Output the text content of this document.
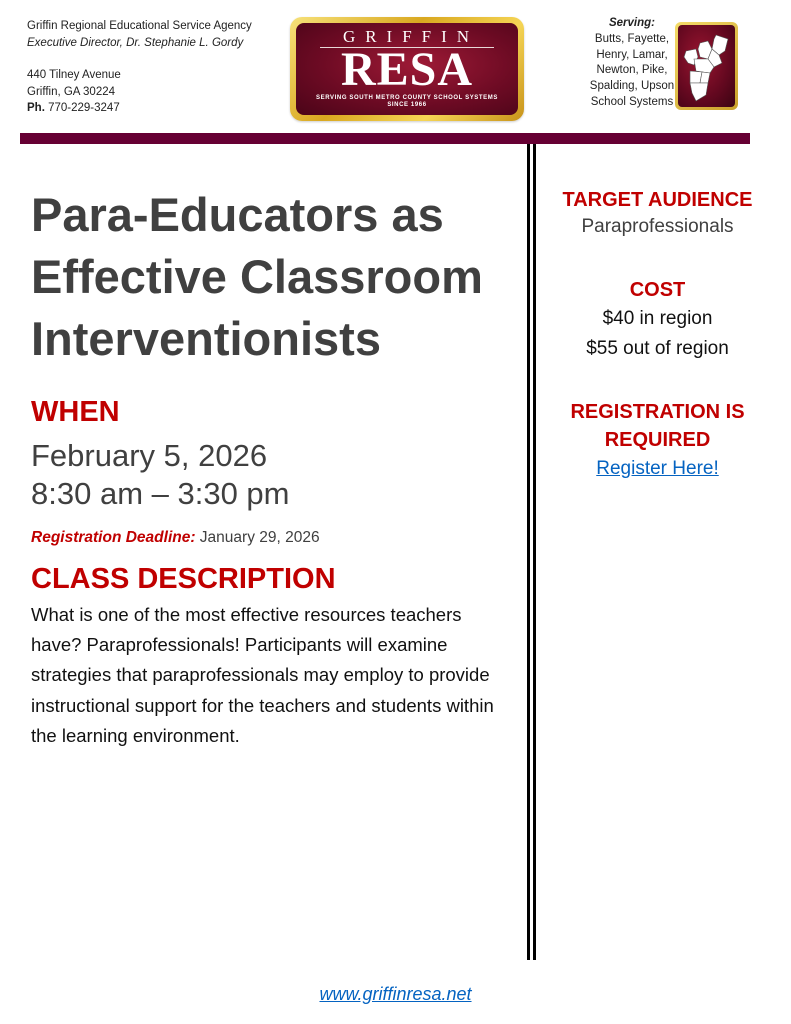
Griffin Regional Educational Service Agency
Executive Director, Dr. Stephanie L. Gordy
440 Tilney Avenue
Griffin, GA 30224
Ph. 770-229-3247
GRIFFIN
RESA
SERVING SOUTH METRO COUNTY SCHOOL SYSTEMS
SINCE 1966
Serving:
Butts, Fayette,
Henry, Lamar,
Newton, Pike,
Spalding, Upson
School Systems
Para-Educators as
Effective Classroom
Interventionists
WHEN
February 5, 2026
8:30 am – 3:30 pm
Registration Deadline: January 29, 2026
CLASS DESCRIPTION
What is one of the most effective resources teachers have? Paraprofessionals! Participants will examine strategies that paraprofessionals may employ to provide instructional support for the teachers and students within the learning environment.
TARGET AUDIENCE
Paraprofessionals
COST
$40 in region
$55 out of region
REGISTRATION IS
REQUIRED
Register Here!
www.griffinresa.net
